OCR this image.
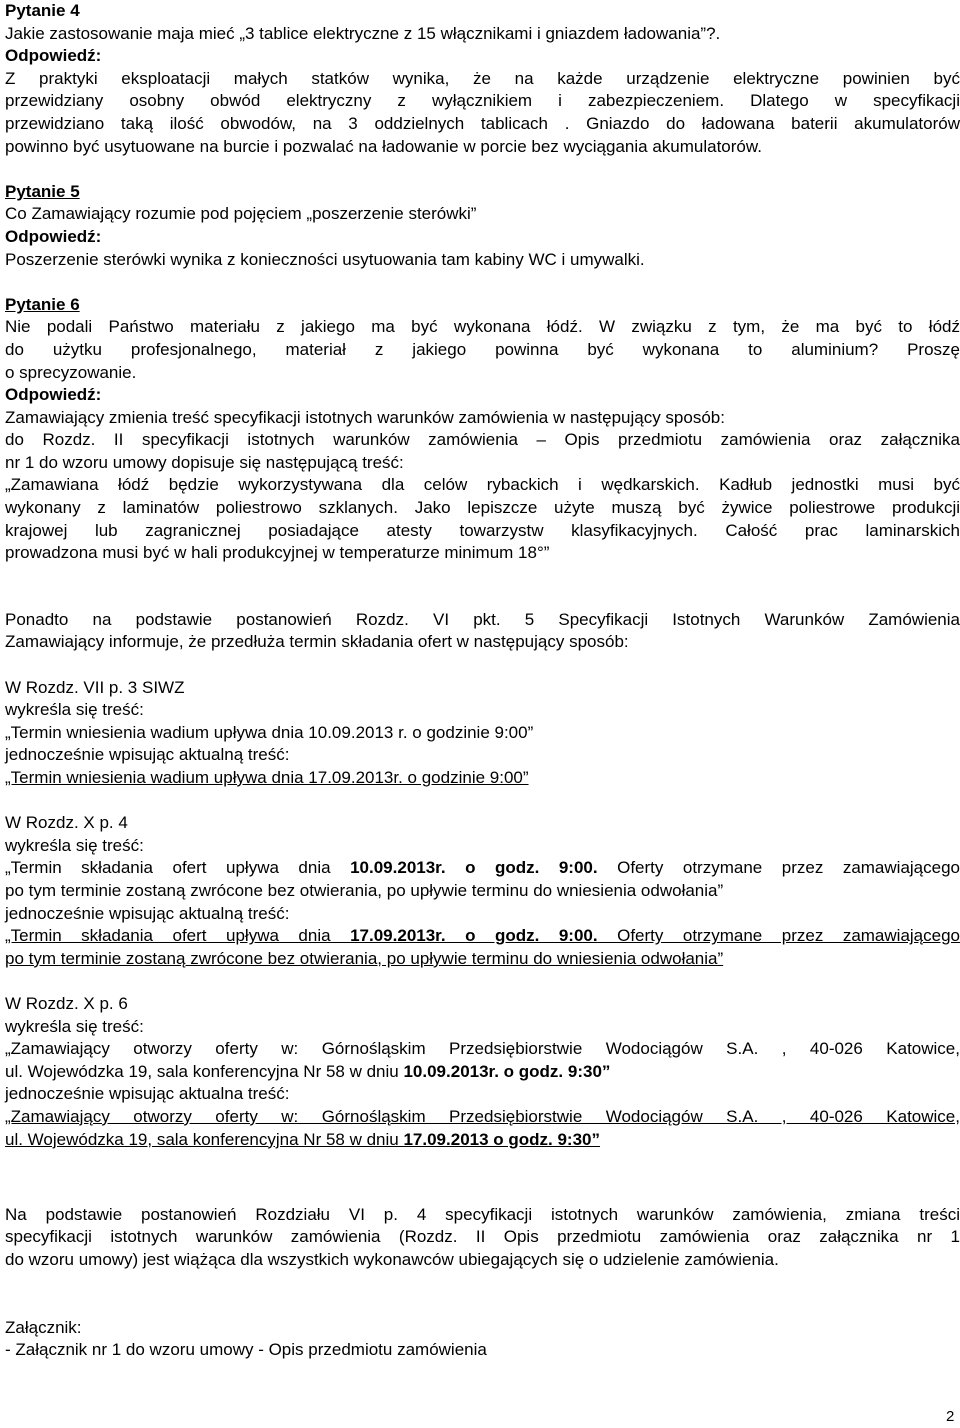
Pytanie 4

Jakie zastosowanie maja mieć „3 tablice elektryczne z 15 włącznikami i gniazdem ładowania”?.

Odpowiedź:

Z praktyki eksploatacji małych statków wynika, że na każde urządzenie elektryczne powinien być

przewidziany osobny obwód elektryczny z wyłącznikiem i zabezpieczeniem. Dlatego w specyfikacji

przewidziano taką ilość obwodów, na 3 oddzielnych tablicach . Gniazdo do ładowana baterii akumulatorów

powinno być usytuowane na burcie i pozwalać na ładowanie w porcie bez wyciągania akumulatorów.

Pytanie 5

Co Zamawiający rozumie pod pojęciem „poszerzenie sterówki”

Odpowiedź:

Poszerzenie sterówki wynika z konieczności usytuowania tam kabiny WC i umywalki.

Pytanie 6

Nie podali Państwo materiału z jakiego ma być wykonana łódź. W związku z tym, że ma być to łódź

do użytku profesjonalnego, materiał z jakiego powinna być wykonana to aluminium? Proszę

o sprecyzowanie.

Odpowiedź:

Zamawiający zmienia treść specyfikacji istotnych warunków zamówienia w następujący sposób:

do Rozdz. II specyfikacji istotnych warunków zamówienia – Opis przedmiotu zamówienia oraz załącznika

nr 1 do wzoru umowy dopisuje się następującą treść:

„Zamawiana łódź będzie wykorzystywana dla celów rybackich i wędkarskich. Kadłub jednostki musi być

wykonany z laminatów poliestrowo szklanych. Jako lepiszcze użyte muszą być żywice poliestrowe produkcji

krajowej lub zagranicznej posiadające atesty towarzystw klasyfikacyjnych. Całość prac laminarskich

prowadzona musi być w hali produkcyjnej w temperaturze minimum 18°”

Ponadto na podstawie postanowień Rozdz. VI pkt. 5 Specyfikacji Istotnych Warunków Zamówienia

Zamawiający informuje, że przedłuża termin składania ofert w następujący sposób:

W Rozdz. VII p. 3 SIWZ

wykreśla się treść:

„Termin wniesienia wadium upływa dnia 10.09.2013 r. o godzinie 9:00”

jednocześnie wpisując aktualną treść:

„Termin wniesienia wadium upływa dnia 17.09.2013r. o godzinie 9:00”

W Rozdz. X p. 4

wykreśla się treść:

„Termin składania ofert upływa dnia 10.09.2013r. o godz. 9:00. Oferty otrzymane przez zamawiającego

po tym terminie zostaną zwrócone bez otwierania, po upływie terminu do wniesienia odwołania”

jednocześnie wpisując aktualną treść:

„Termin składania ofert upływa dnia 17.09.2013r. o godz. 9:00. Oferty otrzymane przez zamawiającego

po tym terminie zostaną zwrócone bez otwierania, po upływie terminu do wniesienia odwołania”

W Rozdz. X p. 6

wykreśla się treść:

„Zamawiający otworzy oferty w: Górnośląskim Przedsiębiorstwie Wodociągów S.A. , 40-026 Katowice,

ul. Wojewódzka 19, sala konferencyjna Nr 58 w dniu 10.09.2013r. o godz. 9:30”

jednocześnie wpisując aktualna treść:

„Zamawiający otworzy oferty w: Górnośląskim Przedsiębiorstwie Wodociągów S.A. , 40-026 Katowice,

ul. Wojewódzka 19, sala konferencyjna Nr 58 w dniu 17.09.2013 o godz. 9:30”

Na podstawie postanowień Rozdziału VI p. 4 specyfikacji istotnych warunków zamówienia, zmiana treści

specyfikacji istotnych warunków zamówienia (Rozdz. II Opis przedmiotu zamówienia oraz załącznika nr 1

do wzoru umowy) jest wiążąca dla wszystkich wykonawców ubiegających się o udzielenie zamówienia.

Załącznik:

- Załącznik nr 1 do wzoru umowy - Opis przedmiotu zamówienia

2
